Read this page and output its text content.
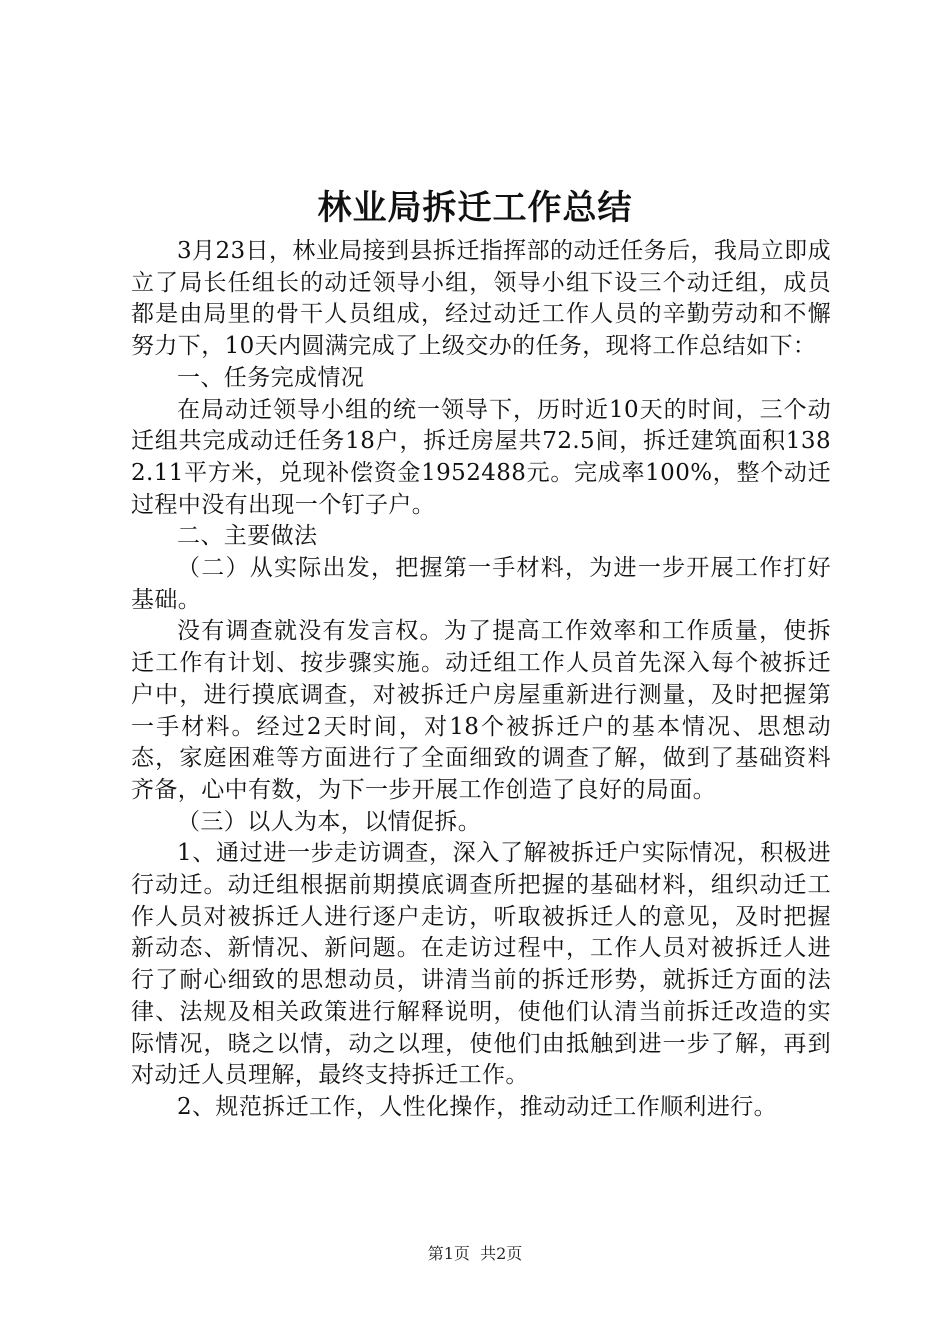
林业局拆迁工作总结

3月23日，林业局接到县拆迁指挥部的动迁任务后，我局立即成立了局长任组长的动迁领导小组，领导小组下设三个动迁组，成员都是由局里的骨干人员组成，经过动迁工作人员的辛勤劳动和不懈努力下，10天内圆满完成了上级交办的任务，现将工作总结如下：

一、任务完成情况

在局动迁领导小组的统一领导下，历时近10天的时间，三个动迁组共完成动迁任务18户，拆迁房屋共72.5间，拆迁建筑面积1382.11平方米，兑现补偿资金1952488元。完成率100%，整个动迁过程中没有出现一个钉子户。

二、主要做法

（二）从实际出发，把握第一手材料，为进一步开展工作打好基础。

没有调查就没有发言权。为了提高工作效率和工作质量，使拆迁工作有计划、按步骤实施。动迁组工作人员首先深入每个被拆迁户中，进行摸底调查，对被拆迁户房屋重新进行测量，及时把握第一手材料。经过2天时间，对18个被拆迁户的基本情况、思想动态，家庭困难等方面进行了全面细致的调查了解，做到了基础资料齐备，心中有数，为下一步开展工作创造了良好的局面。

（三）以人为本，以情促拆。

1、通过进一步走访调查，深入了解被拆迁户实际情况，积极进行动迁。动迁组根据前期摸底调查所把握的基础材料，组织动迁工作人员对被拆迁人进行逐户走访，听取被拆迁人的意见，及时把握新动态、新情况、新问题。在走访过程中，工作人员对被拆迁人进行了耐心细致的思想动员，讲清当前的拆迁形势，就拆迁方面的法律、法规及相关政策进行解释说明，使他们认清当前拆迁改造的实际情况，晓之以情，动之以理，使他们由抵触到进一步了解，再到对动迁人员理解，最终支持拆迁工作。

2、规范拆迁工作，人性化操作，推动动迁工作顺利进行。

第1页 共2页
